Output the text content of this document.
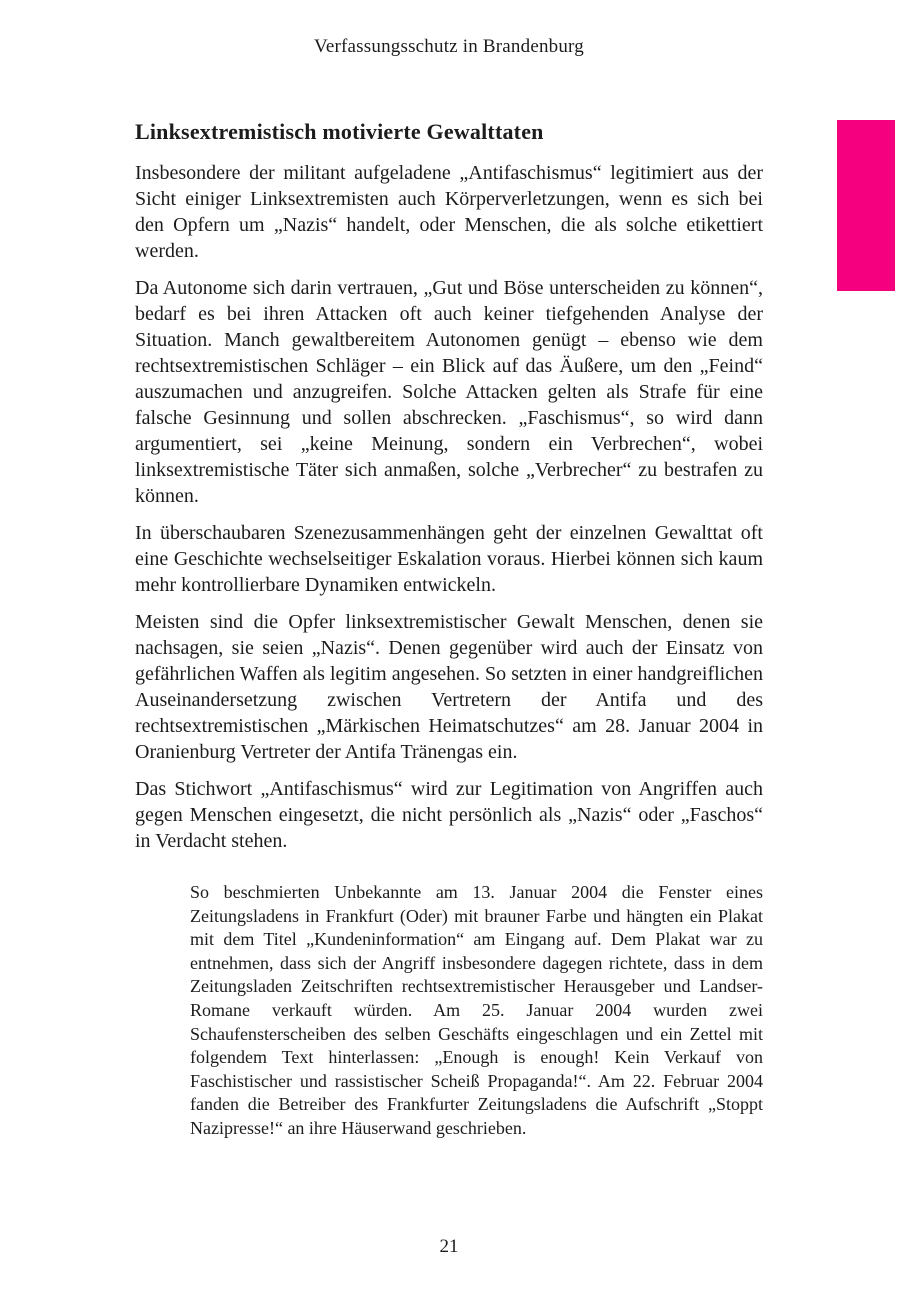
Verfassungsschutz in Brandenburg
Linksextremistisch motivierte Gewalttaten

Insbesondere der militant aufgeladene „Antifaschismus“ legitimiert aus der Sicht einiger Linksextremisten auch Körperverletzungen, wenn es sich bei den Opfern um „Nazis“ handelt, oder Menschen, die als solche etikettiert werden.

Da Autonome sich darin vertrauen, „Gut und Böse unterscheiden zu können“, bedarf es bei ihren Attacken oft auch keiner tiefgehenden Analyse der Situation. Manch gewaltbereitem Autonomen genügt – ebenso wie dem rechtsextremistischen Schläger – ein Blick auf das Äußere, um den „Feind“ auszumachen und anzugreifen. Solche Attacken gelten als Strafe für eine falsche Gesinnung und sollen abschrecken. „Faschismus“, so wird dann argumentiert, sei „keine Meinung, sondern ein Verbrechen“, wobei linksextremistische Täter sich anmaßen, solche „Verbrecher“ zu bestrafen zu können.

In überschaubaren Szenezusammenhängen geht der einzelnen Gewalttat oft eine Geschichte wechselseitiger Eskalation voraus. Hierbei können sich kaum mehr kontrollierbare Dynamiken entwickeln.

Meisten sind die Opfer linksextremistischer Gewalt Menschen, denen sie nachsagen, sie seien „Nazis“. Denen gegenüber wird auch der Einsatz von gefährlichen Waffen als legitim angesehen. So setzten in einer handgreiflichen Auseinandersetzung zwischen Vertretern der Antifa und des rechtsextremistischen „Märkischen Heimatschutzes“ am 28. Januar 2004 in Oranienburg Vertreter der Antifa Tränengas ein.

Das Stichwort „Antifaschismus“ wird zur Legitimation von Angriffen auch gegen Menschen eingesetzt, die nicht persönlich als „Nazis“ oder „Faschos“ in Verdacht stehen.

So beschmierten Unbekannte am 13. Januar 2004 die Fenster eines Zeitungsladens in Frankfurt (Oder) mit brauner Farbe und hängten ein Plakat mit dem Titel „Kundeninformation“ am Eingang auf. Dem Plakat war zu entnehmen, dass sich der Angriff insbesondere dagegen richtete, dass in dem Zeitungsladen Zeitschriften rechtsextremistischer Herausgeber und Landser-Romane verkauft würden. Am 25. Januar 2004 wurden zwei Schaufensterscheiben des selben Geschäfts eingeschlagen und ein Zettel mit folgendem Text hinterlassen: „Enough is enough! Kein Verkauf von Faschistischer und rassistischer Scheiß Propaganda!“. Am 22. Februar 2004 fanden die Betreiber des Frankfurter Zeitungsladens die Aufschrift „Stoppt Nazipresse!“ an ihre Häuserwand geschrieben.

21
